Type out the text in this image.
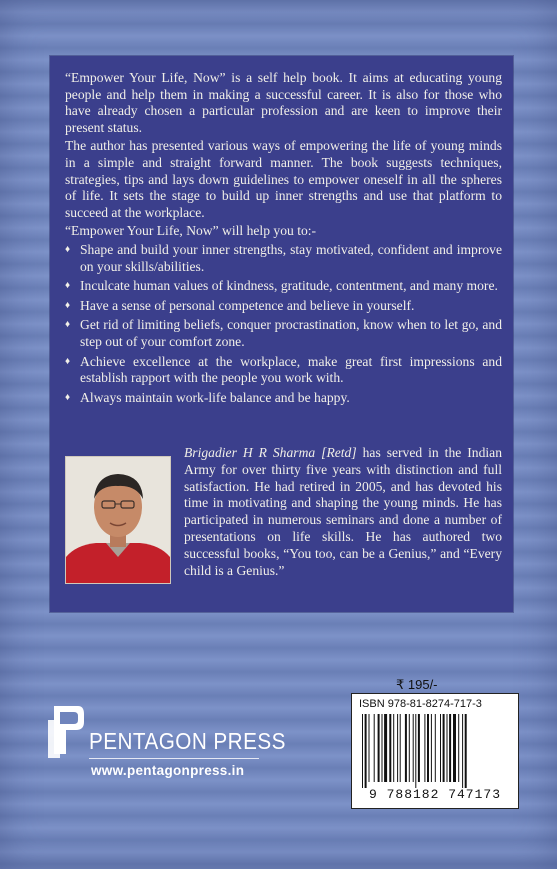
“Empower Your Life, Now” is a self help book. It aims at educating young people and help them in making a successful career. It is also for those who have already chosen a particular profession and are keen to improve their present status.

The author has presented various ways of empowering the life of young minds in a simple and straight forward manner. The book suggests techniques, strategies, tips and lays down guidelines to empower oneself in all the spheres of life. It sets the stage to build up inner strengths and use that platform to succeed at the workplace.

“Empower Your Life, Now” will help you to:-

♦ Shape and build your inner strengths, stay motivated, confident and improve on your skills/abilities.
♦ Inculcate human values of kindness, gratitude, contentment, and many more.
♦ Have a sense of personal competence and believe in yourself.
♦ Get rid of limiting beliefs, conquer procrastination, know when to let go, and step out of your comfort zone.
♦ Achieve excellence at the workplace, make great first impressions and establish rapport with the people you work with.
♦ Always maintain work-life balance and be happy.
Brigadier H R Sharma [Retd] has served in the Indian Army for over thirty five years with distinction and full satisfaction. He had retired in 2005, and has devoted his time in motivating and shaping the young minds. He has participated in numerous seminars and done a number of presentations on life skills. He has authored two successful books, “You too, can be a Genius,” and “Every child is a Genius.”
₹ 195/-
ISBN 978-81-8274-717-3
9 788182 747173
PENTAGON PRESS
www.pentagonpress.in
